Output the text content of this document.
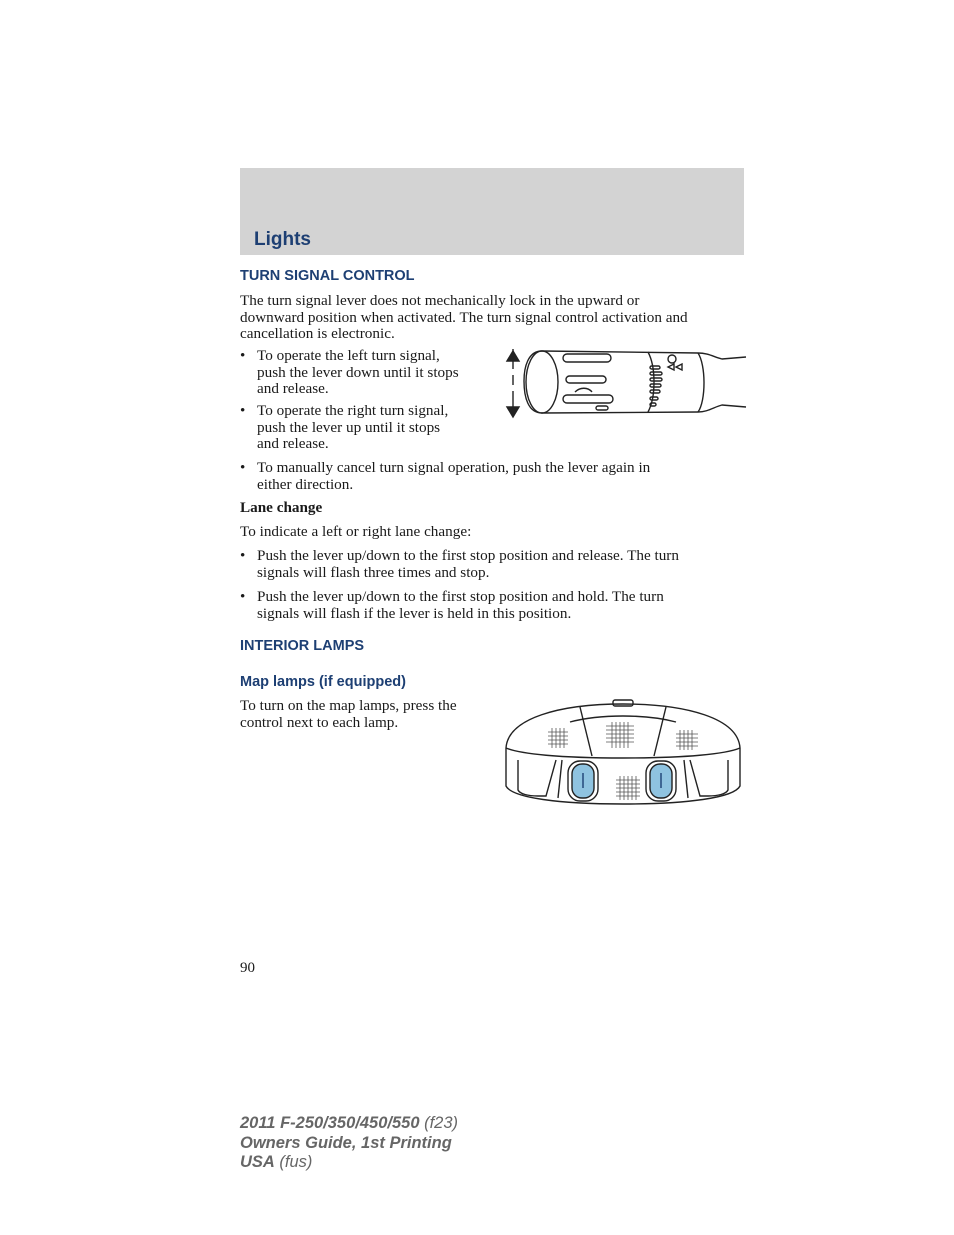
Lights
TURN SIGNAL CONTROL
The turn signal lever does not mechanically lock in the upward or
downward position when activated. The turn signal control activation and
cancellation is electronic.
• To operate the left turn signal,
push the lever down until it stops
and release.
• To operate the right turn signal,
push the lever up until it stops
and release.
• To manually cancel turn signal operation, push the lever again in
either direction.
Lane change
To indicate a left or right lane change:
• Push the lever up/down to the first stop position and release. The turn
signals will flash three times and stop.
• Push the lever up/down to the first stop position and hold. The turn
signals will flash if the lever is held in this position.
INTERIOR LAMPS
Map lamps (if equipped)
To turn on the map lamps, press the
control next to each lamp.
90
2011 F-250/350/450/550 (f23)
Owners Guide, 1st Printing
USA (fus)
